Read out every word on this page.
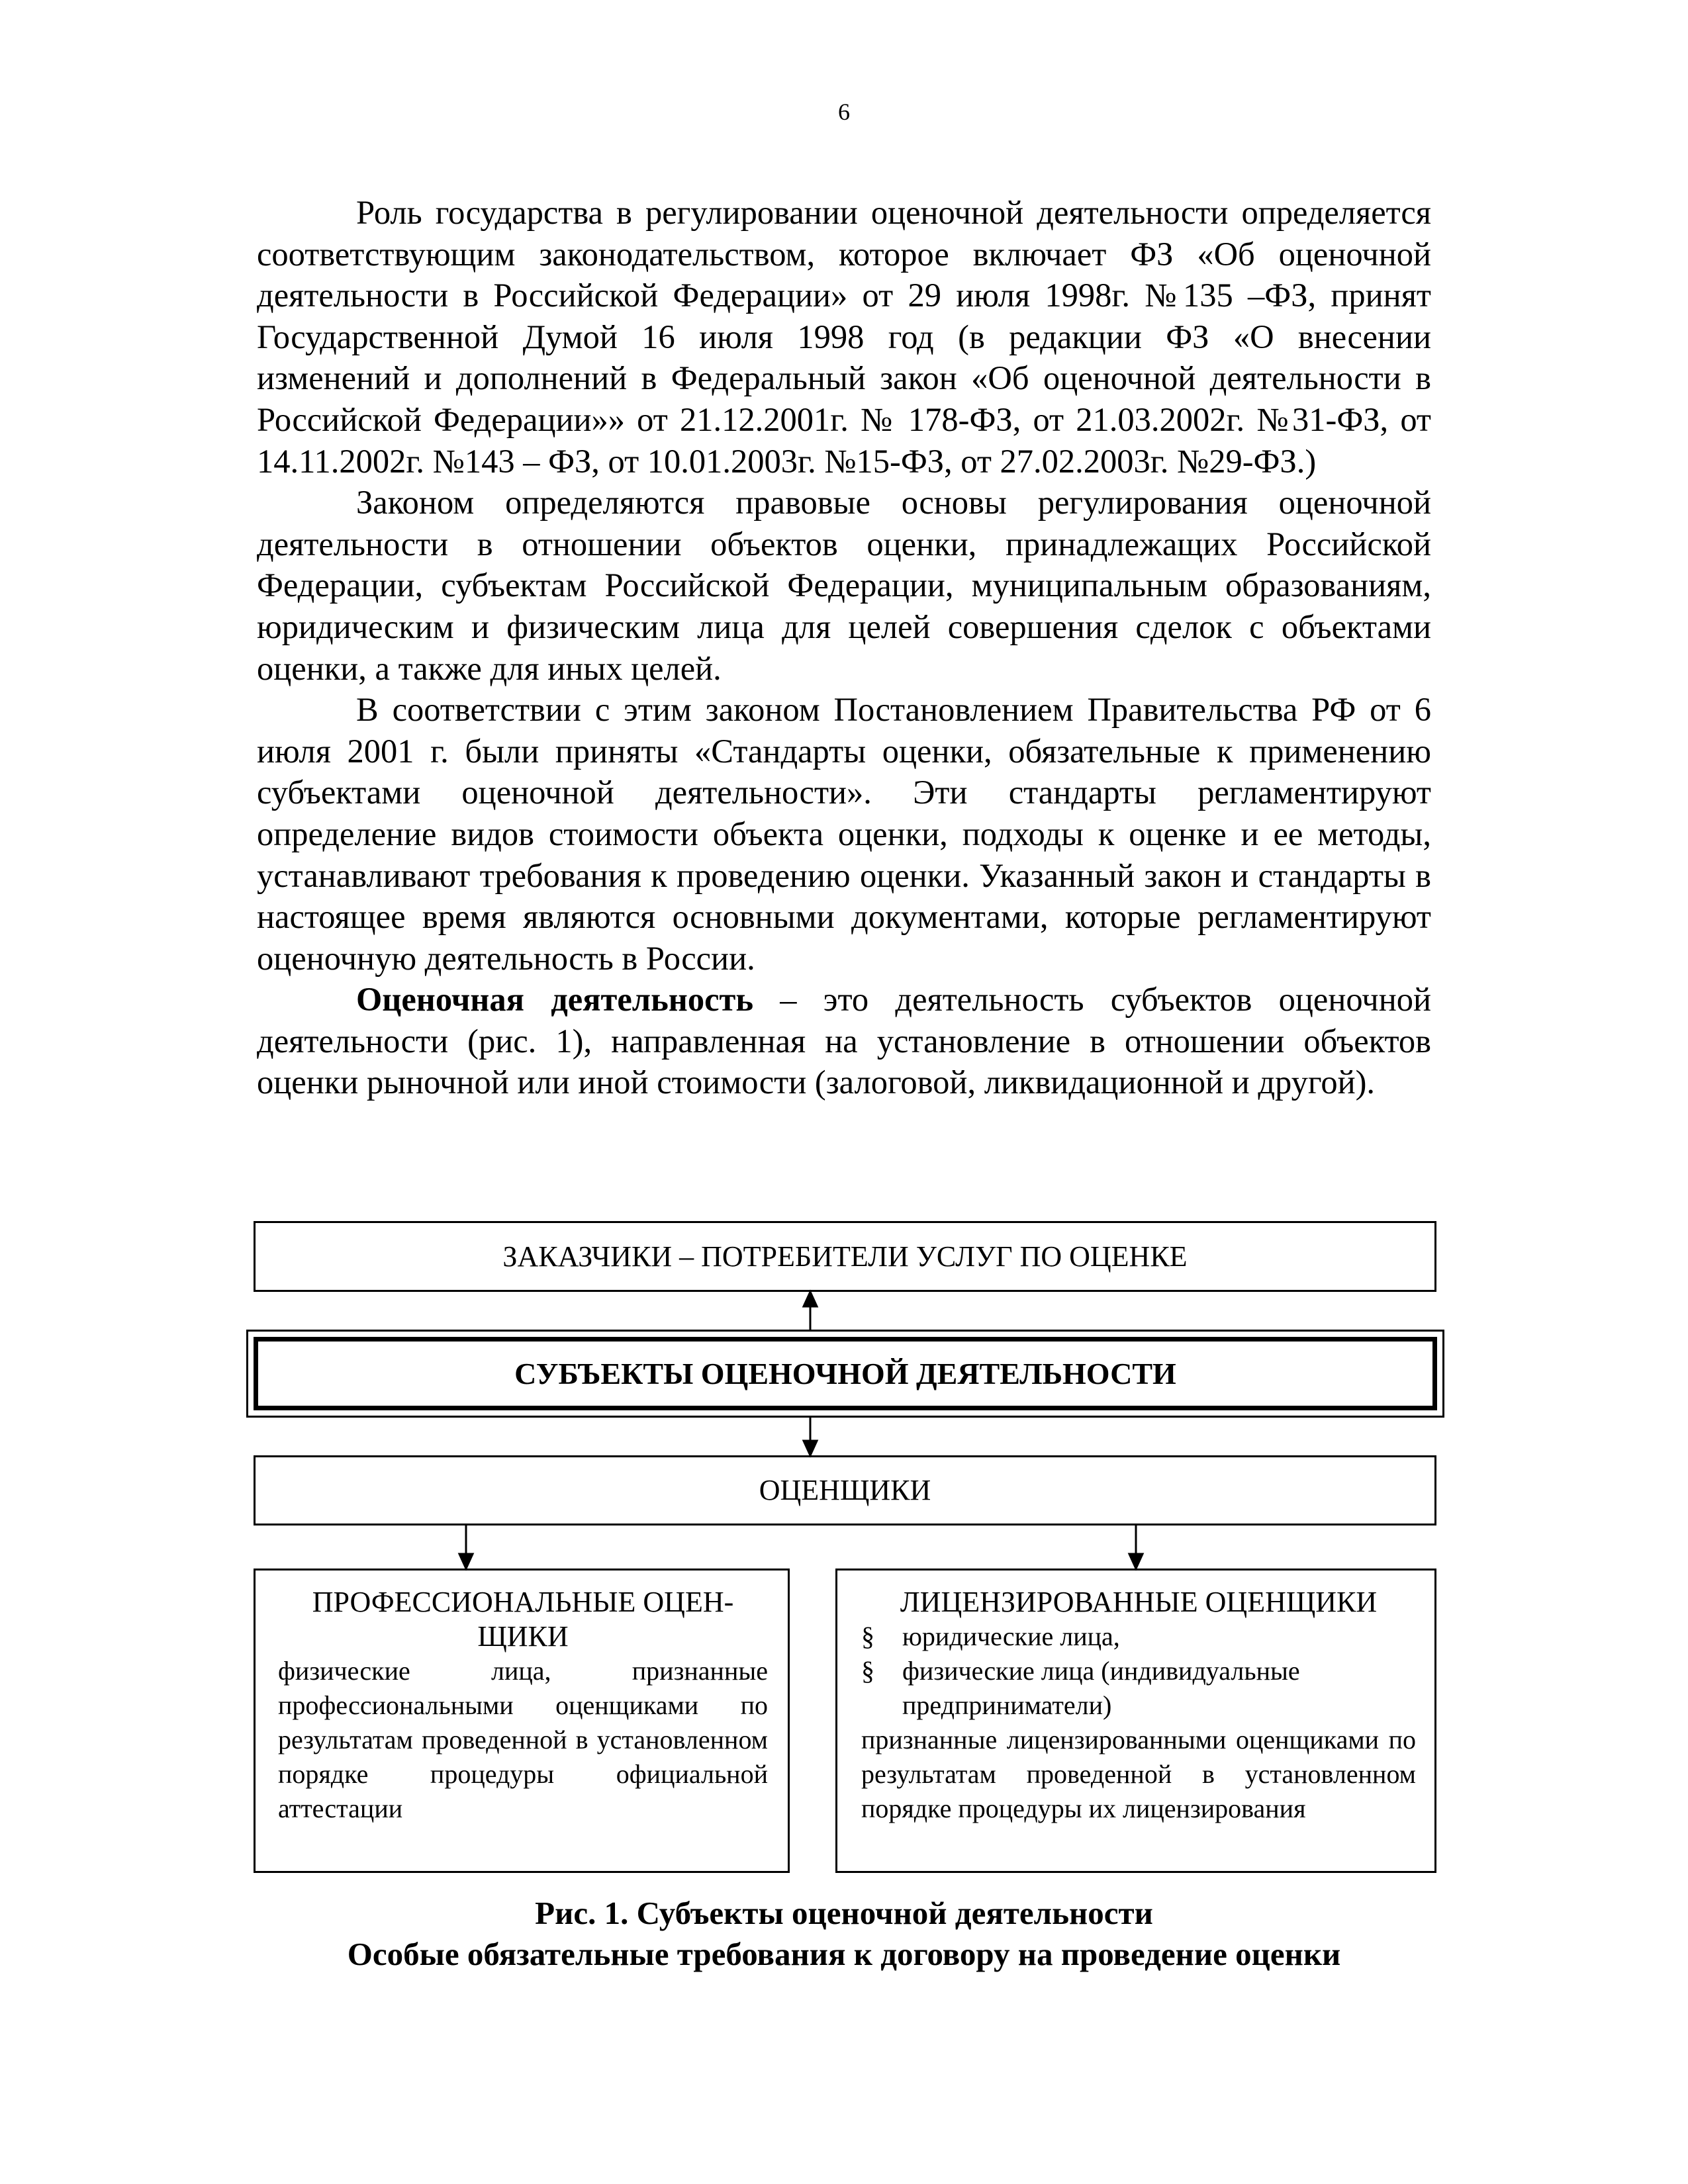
6

Роль государства в регулировании оценочной деятельности определяется соответствующим законодательством, которое включает ФЗ «Об оценочной деятельности в Российской Федерации» от 29 июля 1998г. №135 –ФЗ, принят Государственной Думой 16 июля 1998 год (в редакции ФЗ «О внесении изменений и дополнений в Федеральный закон «Об оценочной деятельности в Российской Федерации»» от 21.12.2001г. № 178-ФЗ, от 21.03.2002г. №31-ФЗ, от 14.11.2002г. №143 – ФЗ, от 10.01.2003г. №15-ФЗ, от 27.02.2003г. №29-ФЗ.)

Законом определяются правовые основы регулирования оценочной деятельности в отношении объектов оценки, принадлежащих Российской Федерации, субъектам Российской Федерации, муниципальным образованиям, юридическим и физическим лица для целей совершения сделок с объектами оценки, а также для иных целей.

В соответствии с этим законом Постановлением Правительства РФ от 6 июля 2001 г. были приняты «Стандарты оценки, обязательные к применению субъектами оценочной деятельности». Эти стандарты регламентируют определение видов стоимости объекта оценки, подходы к оценке и ее методы, устанавливают требования к проведению оценки. Указанный закон и стандарты в настоящее время являются основными документами, которые регламентируют оценочную деятельность в России.

Оценочная деятельность – это деятельность субъектов оценочной деятельности (рис. 1), направленная на установление в отношении объектов оценки рыночной или иной стоимости (залоговой, ликвидационной и другой).

ЗАКАЗЧИКИ – ПОТРЕБИТЕЛИ УСЛУГ ПО ОЦЕНКЕ
СУБЪЕКТЫ ОЦЕНОЧНОЙ ДЕЯТЕЛЬНОСТИ
ОЦЕНЩИКИ

ПРОФЕССИОНАЛЬНЫЕ ОЦЕН-

ЩИКИ

физические лица, признанные профессиональными оценщиками по результатам проведенной в установленном порядке процедуры официальной аттестации

ЛИЦЕНЗИРОВАННЫЕ ОЦЕНЩИКИ

§	юридические лица,
§	физические лица (индивидуальные предприниматели)

признанные лицензированными оценщиками по результатам проведенной в установленном порядке процедуры их лицензирования

Рис. 1. Субъекты оценочной деятельности
Особые обязательные требования к договору на проведение оценки
